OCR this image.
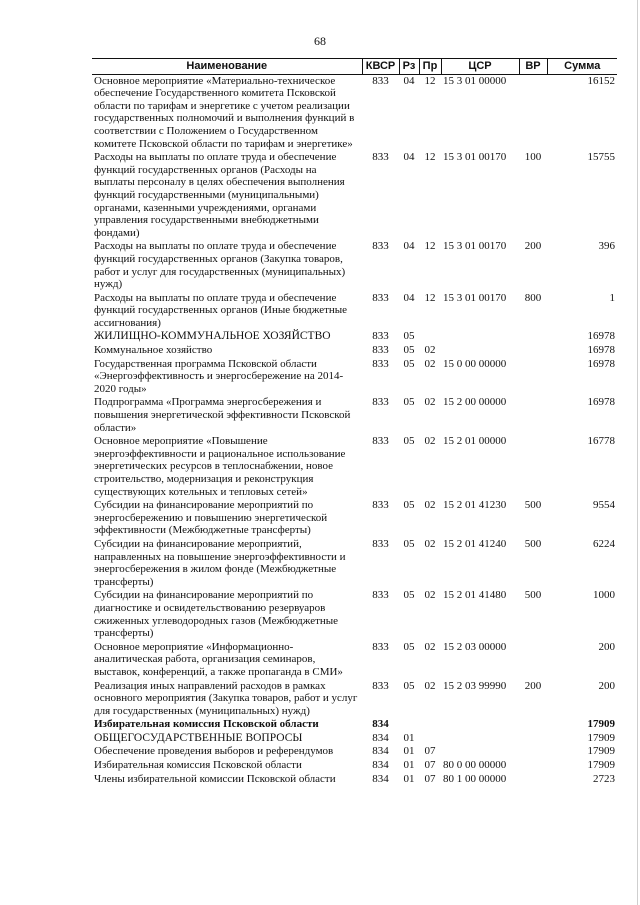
68
Наименование	КВСР	Рз	Пр	ЦСР	ВР	Сумма
Основное мероприятие «Материально-техническое обеспечение Государственного комитета Псковской области по тарифам и энергетике с учетом реализации государственных полномочий и выполнения функций в соответствии с Положением о Государственном комитете Псковской области по тарифам и энергетике»	833	04	12	15 3 01 00000		16152
Расходы на выплаты по оплате труда и обеспечение функций государственных органов (Расходы на выплаты персоналу в целях обеспечения выполнения функций государственными (муниципальными) органами, казенными учреждениями, органами управления государственными внебюджетными фондами)	833	04	12	15 3 01 00170	100	15755
Расходы на выплаты по оплате труда и обеспечение функций государственных органов (Закупка товаров, работ и услуг для государственных (муниципальных) нужд)	833	04	12	15 3 01 00170	200	396
Расходы на выплаты по оплате труда и обеспечение функций государственных органов (Иные бюджетные ассигнования)	833	04	12	15 3 01 00170	800	1
ЖИЛИЩНО-КОММУНАЛЬНОЕ ХОЗЯЙСТВО	833	05				16978
Коммунальное хозяйство	833	05	02			16978
Государственная программа Псковской области «Энергоэффективность и энергосбережение на 2014-2020 годы»	833	05	02	15 0 00 00000		16978
Подпрограмма «Программа энергосбережения и повышения энергетической эффективности Псковской области»	833	05	02	15 2 00 00000		16978
Основное мероприятие «Повышение энергоэффективности и рациональное использование энергетических ресурсов в теплоснабжении, новое строительство, модернизация и реконструкция существующих котельных и тепловых сетей»	833	05	02	15 2 01 00000		16778
Субсидии на финансирование мероприятий по энергосбережению и повышению энергетической эффективности (Межбюджетные трансферты)	833	05	02	15 2 01 41230	500	9554
Субсидии на финансирование мероприятий, направленных на повышение энергоэффективности и энергосбережения в жилом фонде (Межбюджетные трансферты)	833	05	02	15 2 01 41240	500	6224
Субсидии на финансирование мероприятий по диагностике и освидетельствованию резервуаров сжиженных углеводородных газов (Межбюджетные трансферты)	833	05	02	15 2 01 41480	500	1000
Основное мероприятие «Информационно-аналитическая работа, организация семинаров, выставок, конференций, а также пропаганда в СМИ»	833	05	02	15 2 03 00000		200
Реализация иных направлений расходов в рамках основного мероприятия (Закупка товаров, работ и услуг для государственных (муниципальных) нужд)	833	05	02	15 2 03 99990	200	200
Избирательная комиссия Псковской области	834					17909
ОБЩЕГОСУДАРСТВЕННЫЕ ВОПРОСЫ	834	01				17909
Обеспечение проведения выборов и референдумов	834	01	07			17909
Избирательная комиссия Псковской области	834	01	07	80 0 00 00000		17909
Члены избирательной комиссии Псковской области	834	01	07	80 1 00 00000		2723
